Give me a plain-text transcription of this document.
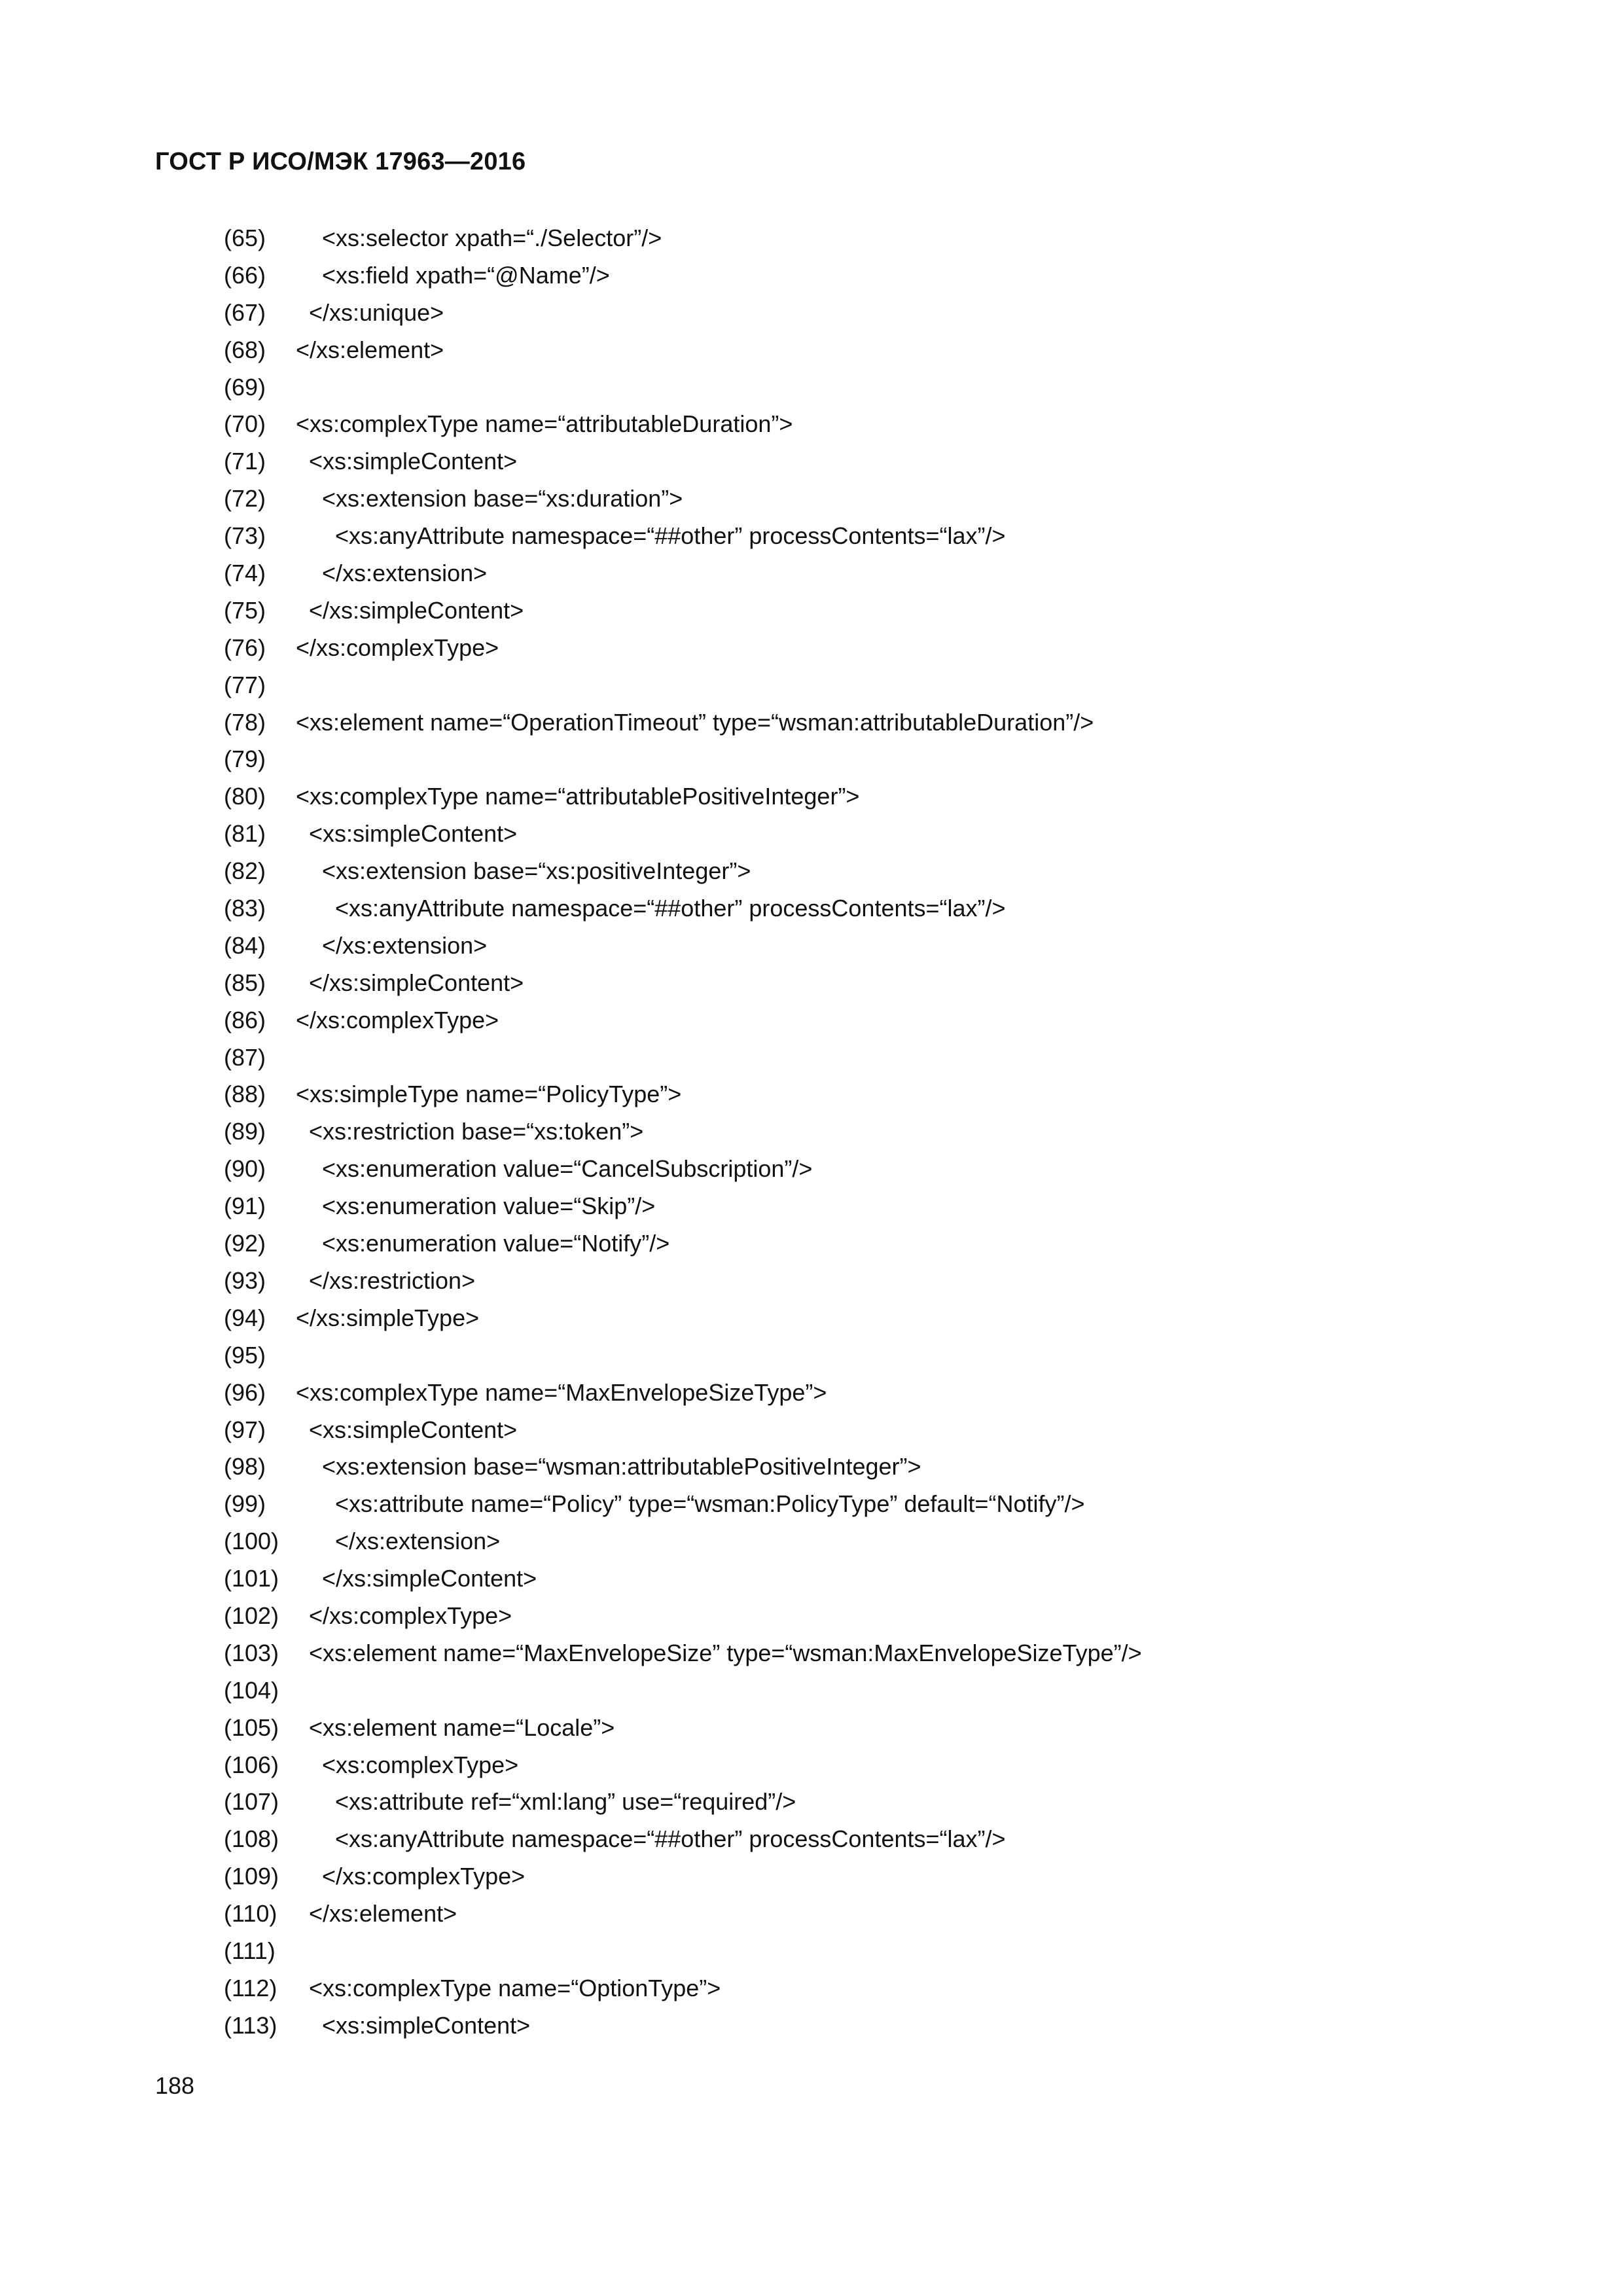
ГОСТ Р ИСО/МЭК 17963—2016
(65) <xs:selector xpath=“./Selector”/>
(66) <xs:field xpath=“@Name”/>
(67) </xs:unique>
(68) </xs:element>
(69)
(70) <xs:complexType name=“attributableDuration”>
(71) <xs:simpleContent>
(72) <xs:extension base=“xs:duration”>
(73)	<xs:anyAttribute namespace=“##other” processContents=“lax”/>
(74) </xs:extension>
(75) </xs:simpleContent>
(76) </xs:complexType>
(77)
(78) <xs:element name=“OperationTimeout” type=“wsman:attributableDuration”/>
(79)
(80) <xs:complexType name=“attributablePositiveInteger”>
(81) <xs:simpleContent>
(82) <xs:extension base=“xs:positiveInteger”>
(83)	<xs:anyAttribute namespace=“##other” processContents=“lax”/>
(84) </xs:extension>
(85) </xs:simpleContent>
(86) </xs:complexType>
(87)
(88) <xs:simpleType name=“PolicyType”>
(89) <xs:restriction base=“xs:token”>
(90) <xs:enumeration value=“CancelSubscription”/>
(91) <xs:enumeration value=“Skip”/>
(92) <xs:enumeration value=“Notify”/>
(93) </xs:restriction>
(94) </xs:simpleType>
(95)
(96) <xs:complexType name=“MaxEnvelopeSizeType”>
(97) <xs:simpleContent>
(98) <xs:extension base=“wsman:attributablePositiveInteger”>
(99)	<xs:attribute name=“Policy” type=“wsman:PolicyType” default=“Notify”/>
(100) </xs:extension>
(101) </xs:simpleContent>
(102) </xs:complexType>
(103) <xs:element name=“MaxEnvelopeSize” type=“wsman:MaxEnvelopeSizeType”/>
(104)
(105) <xs:element name=“Locale”>
(106) <xs:complexType>
(107) <xs:attribute ref=“xml:lang” use=“required”/>
(108) <xs:anyAttribute namespace=“##other” processContents=“lax”/>
(109) </xs:complexType>
(110) </xs:element>
(111)
(112) <xs:complexType name=“OptionType”>
(113) <xs:simpleContent>
188
